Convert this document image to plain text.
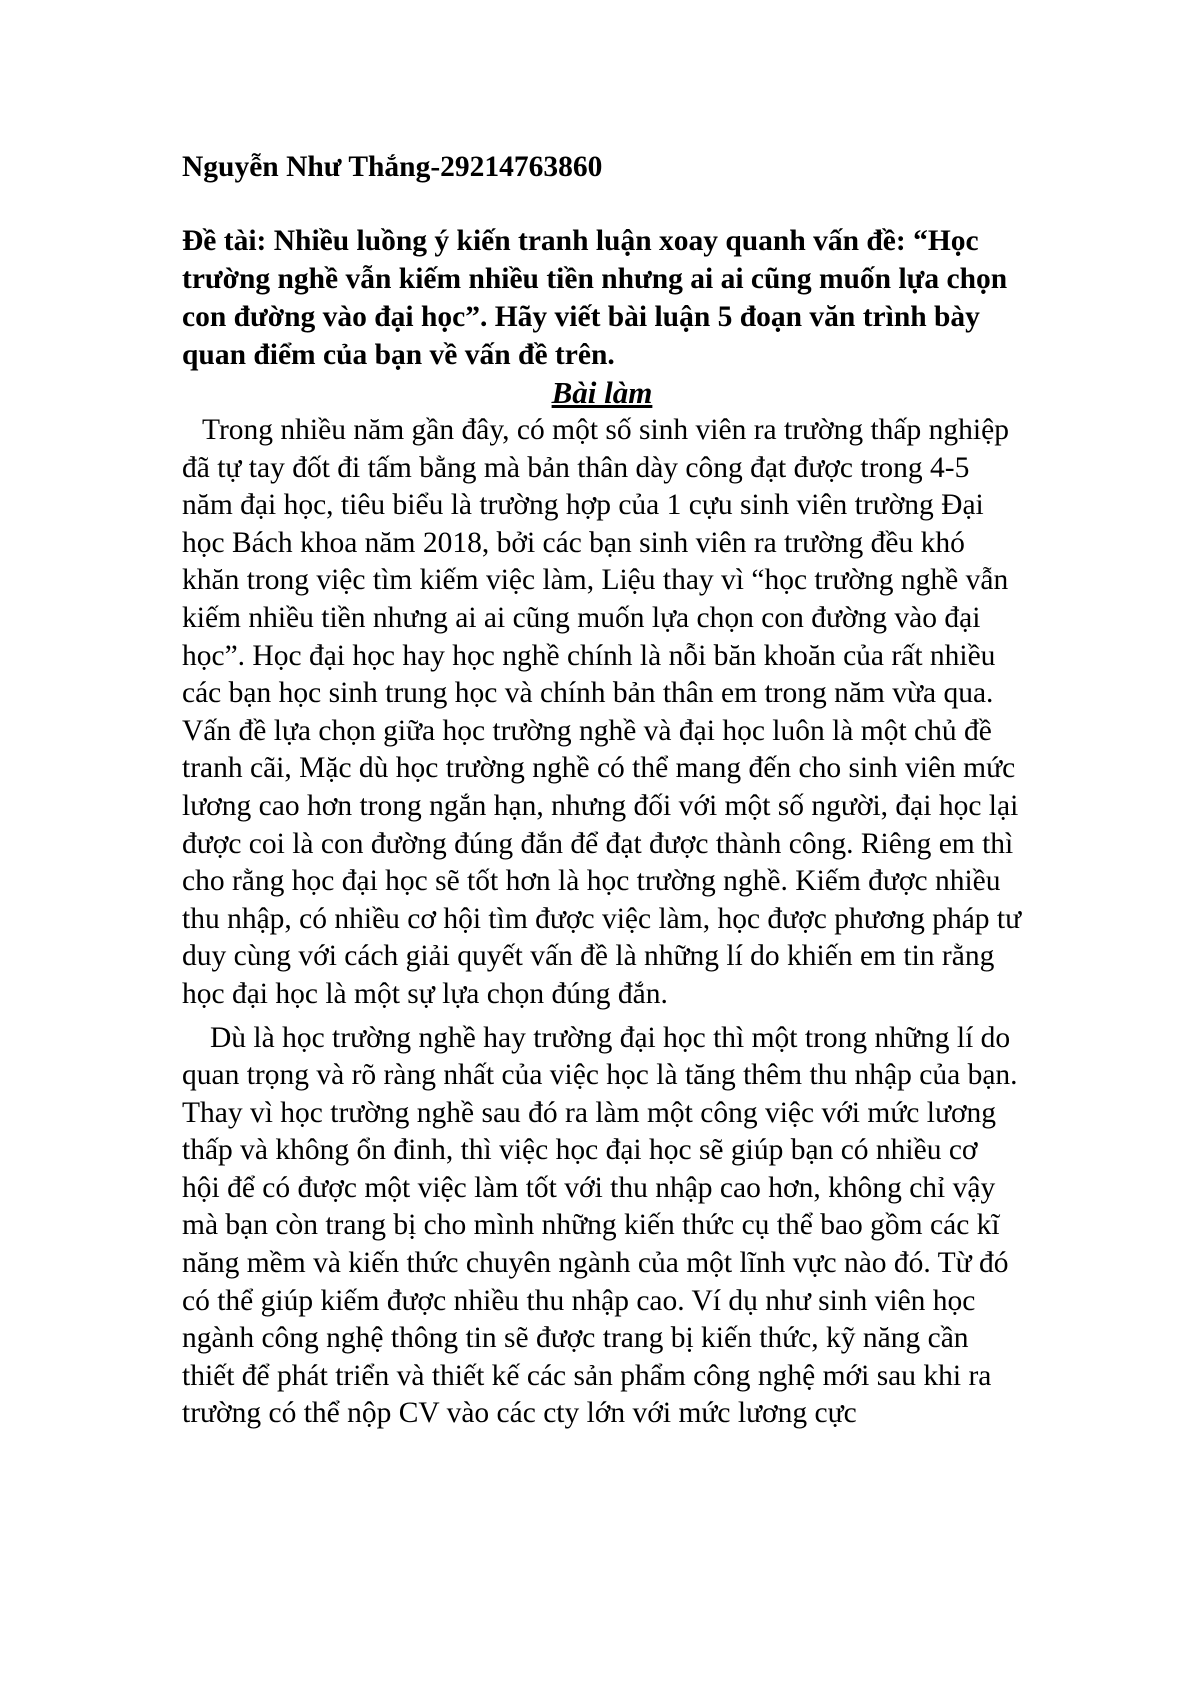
Nguyễn Như Thắng-29214763860

Đề tài: Nhiều luồng ý kiến tranh luận xoay quanh vấn đề: “Học trường nghề vẫn kiếm nhiều tiền nhưng ai ai cũng muốn lựa chọn con đường vào đại học”. Hãy viết bài luận 5 đoạn văn trình bày quan điểm của bạn về vấn đề trên.

Bài làm

Trong nhiều năm gần đây, có một số sinh viên ra trường thấp nghiệp đã tự tay đốt đi tấm bằng mà bản thân dày công đạt được trong 4-5 năm đại học, tiêu biểu là trường hợp của 1 cựu sinh viên trường Đại học Bách khoa năm 2018, bởi các bạn sinh viên ra trường đều khó khăn trong việc tìm kiếm việc làm, Liệu thay vì “học trường nghề vẫn kiếm nhiều tiền nhưng ai ai cũng muốn lựa chọn con đường vào đại học”. Học đại học hay học nghề chính là nỗi băn khoăn của rất nhiều các bạn học sinh trung học và chính bản thân em trong năm vừa qua. Vấn đề lựa chọn giữa học trường nghề và đại học luôn là một chủ đề tranh cãi, Mặc dù học trường nghề có thể mang đến cho sinh viên mức lương cao hơn trong ngắn hạn, nhưng đối với một số người, đại học lại được coi là con đường đúng đắn để đạt được thành công. Riêng em thì cho rằng học đại học sẽ tốt hơn là học trường nghề. Kiếm được nhiều thu nhập, có nhiều cơ hội tìm được việc làm, học được phương pháp tư duy cùng với cách giải quyết vấn đề là những lí do khiến em tin rằng học đại học là một sự lựa chọn đúng đắn.

Dù là học trường nghề hay trường đại học thì một trong những lí do quan trọng và rõ ràng nhất của việc học là tăng thêm thu nhập của bạn. Thay vì học trường nghề sau đó ra làm một công việc với mức lương thấp và không ổn đinh, thì việc học đại học sẽ giúp bạn có nhiều cơ hội để có được một việc làm tốt với thu nhập cao hơn, không chỉ vậy mà bạn còn trang bị cho mình những kiến thức cụ thể bao gồm các kĩ năng mềm và kiến thức chuyên ngành của một lĩnh vực nào đó. Từ đó có thể giúp kiếm được nhiều thu nhập cao. Ví dụ như sinh viên học ngành công nghệ thông tin sẽ được trang bị kiến thức, kỹ năng cần thiết để phát triển và thiết kế các sản phẩm công nghệ mới sau khi ra trường có thể nộp CV vào các cty lớn với mức lương cực
